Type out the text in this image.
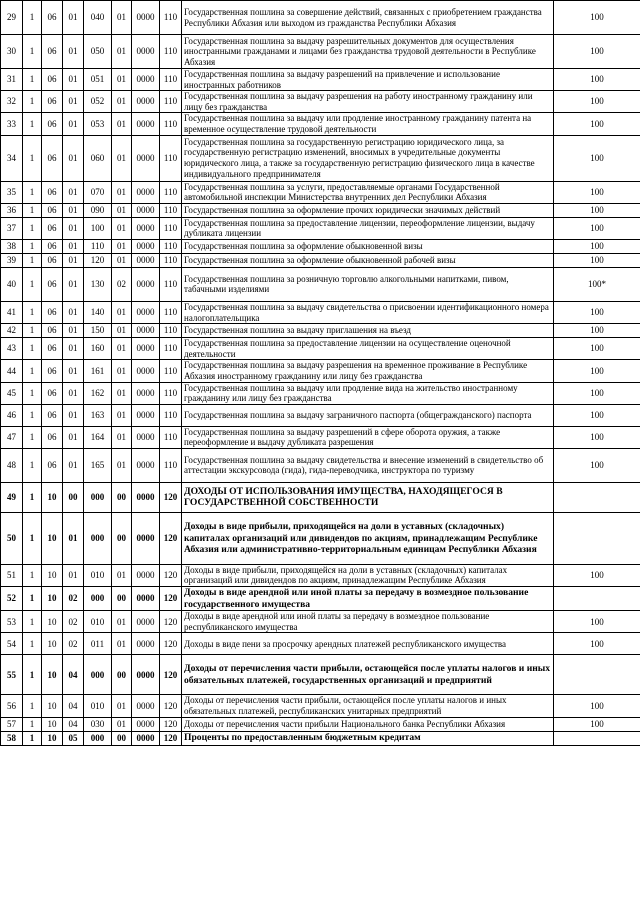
29	1	06	01	040	01	0000	110	Государственная пошлина за совершение действий, связанных с приобретением гражданства Республики Абхазия или выходом из гражданства Республики Абхазия	100
30	1	06	01	050	01	0000	110	Государственная пошлина за выдачу разрешительных документов для осуществления иностранными гражданами и лицами без гражданства трудовой деятельности в Республике Абхазия	100
31	1	06	01	051	01	0000	110	Государственная пошлина за выдачу разрешений на привлечение и использование иностранных работников	100
32	1	06	01	052	01	0000	110	Государственная пошлина за выдачу разрешения на работу иностранному гражданину или лицу без гражданства	100
33	1	06	01	053	01	0000	110	Государственная пошлина за выдачу или продление иностранному гражданину патента на временное осуществление трудовой деятельности	100
34	1	06	01	060	01	0000	110	Государственная пошлина за государственную регистрацию юридического лица, за государственную регистрацию изменений, вносимых в учредительные документы юридического лица, а также за государственную регистрацию физического лица в качестве индивидуального предпринимателя	100
35	1	06	01	070	01	0000	110	Государственная пошлина за услуги, предоставляемые органами Государственной автомобильной инспекции Министерства внутренних дел Республики Абхазия	100
36	1	06	01	090	01	0000	110	Государственная пошлина за оформление прочих юридически значимых действий	100
37	1	06	01	100	01	0000	110	Государственная пошлина за предоставление лицензии, переоформление лицензии, выдачу дубликата лицензии	100
38	1	06	01	110	01	0000	110	Государственная пошлина за оформление обыкновенной визы	100
39	1	06	01	120	01	0000	110	Государственная пошлина за оформление обыкновенной рабочей визы	100
40	1	06	01	130	02	0000	110	Государственная пошлина за розничную торговлю алкогольными напитками, пивом, табачными изделиями	100*
41	1	06	01	140	01	0000	110	Государственная пошлина за выдачу свидетельства о присвоении идентификационного номера налогоплательщика	100
42	1	06	01	150	01	0000	110	Государственная пошлина за выдачу приглашения на въезд	100
43	1	06	01	160	01	0000	110	Государственная пошлина за предоставление лицензии на осуществление оценочной деятельности	100
44	1	06	01	161	01	0000	110	Государственная пошлина за выдачу разрешения на временное проживание в Республике Абхазия иностранному гражданину или лицу без гражданства	100
45	1	06	01	162	01	0000	110	Государственная пошлина за выдачу или продление вида на жительство иностранному гражданину или лицу без гражданства	100
46	1	06	01	163	01	0000	110	Государственная пошлина за выдачу заграничного паспорта (общегражданского) паспорта	100
47	1	06	01	164	01	0000	110	Государственная пошлина за выдачу разрешений в сфере оборота оружия, а также переоформление и выдачу дубликата разрешения	100
48	1	06	01	165	01	0000	110	Государственная пошлина за выдачу свидетельства и внесение изменений в свидетельство об аттестации экскурсовода (гида), гида-переводчика, инструктора по туризму	100
49	1	10	00	000	00	0000	120	ДОХОДЫ ОТ ИСПОЛЬЗОВАНИЯ ИМУЩЕСТВА, НАХОДЯЩЕГОСЯ В ГОСУДАРСТВЕННОЙ СОБСТВЕННОСТИ	
50	1	10	01	000	00	0000	120	Доходы в виде прибыли, приходящейся на доли в уставных (складочных) капиталах организаций или дивидендов по акциям, принадлежащим Республике Абхазия или административно-территориальным единицам Республики Абхазия	
51	1	10	01	010	01	0000	120	Доходы в виде прибыли, приходящейся на доли в уставных (складочных) капиталах организаций или дивидендов по акциям, принадлежащим Республике Абхазия	100
52	1	10	02	000	00	0000	120	Доходы в виде арендной или иной платы за передачу в возмездное пользование государственного имущества	
53	1	10	02	010	01	0000	120	Доходы в виде арендной или иной платы за передачу в возмездное пользование республиканского имущества	100
54	1	10	02	011	01	0000	120	Доходы в виде пени за просрочку арендных платежей республиканского имущества	100
55	1	10	04	000	00	0000	120	Доходы от перечисления части прибыли, остающейся после уплаты налогов и иных обязательных платежей, государственных организаций и предприятий	
56	1	10	04	010	01	0000	120	Доходы от перечисления части прибыли, остающейся после уплаты налогов и иных обязательных платежей, республиканских унитарных предприятий	100
57	1	10	04	030	01	0000	120	Доходы от перечисления части прибыли Национального банка Республики Абхазия	100
58	1	10	05	000	00	0000	120	Проценты по предоставленным бюджетным кредитам	
